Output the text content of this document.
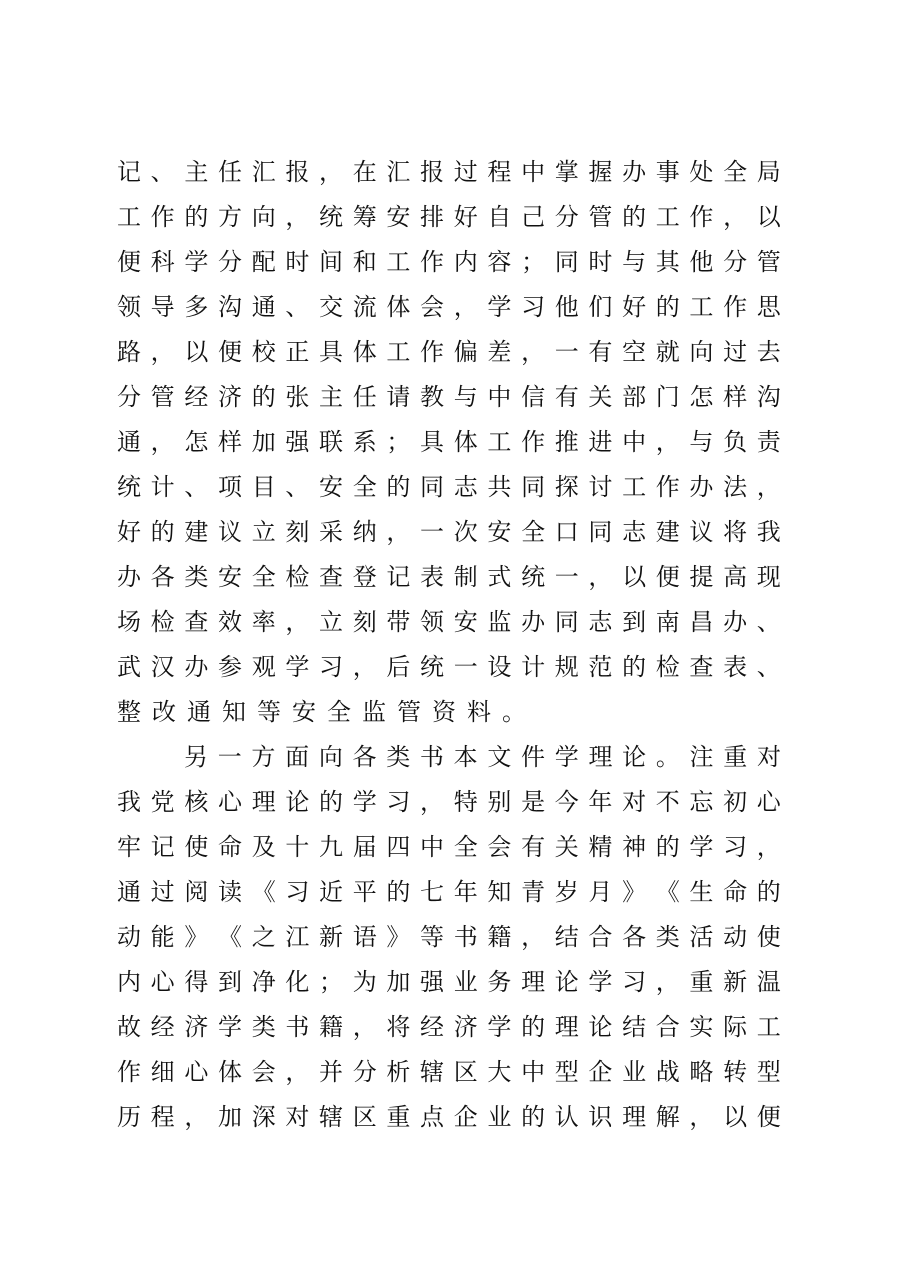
记 、 主 任 汇 报 ， 在 汇 报 过 程 中 掌 握 办 事 处 全 局
工 作 的 方 向 ， 统 筹 安 排 好 自 己 分 管 的 工 作 ， 以
便 科 学 分 配 时 间 和 工 作 内 容 ； 同 时 与 其 他 分 管
领 导 多 沟 通 、 交 流 体 会 ， 学 习 他 们 好 的 工 作 思
路 ， 以 便 校 正 具 体 工 作 偏 差 ， 一 有 空 就 向 过 去
分 管 经 济 的 张 主 任 请 教 与 中 信 有 关 部 门 怎 样 沟
通 ， 怎 样 加 强 联 系 ； 具 体 工 作 推 进 中 ， 与 负 责
统 计 、 项 目 、 安 全 的 同 志 共 同 探 讨 工 作 办 法 ，
好 的 建 议 立 刻 采 纳 ， 一 次 安 全 口 同 志 建 议 将 我
办 各 类 安 全 检 查 登 记 表 制 式 统 一 ， 以 便 提 高 现
场 检 查 效 率 ， 立 刻 带 领 安 监 办 同 志 到 南 昌 办 、
武 汉 办 参 观 学 习 ， 后 统 一 设 计 规 范 的 检 查 表 、
整 改 通 知 等 安 全 监 管 资 料 。
另 一 方 面 向 各 类 书 本 文 件 学 理 论 。 注 重 对
我 党 核 心 理 论 的 学 习 ， 特 别 是 今 年 对 不 忘 初 心
牢 记 使 命 及 十 九 届 四 中 全 会 有 关 精 神 的 学 习 ，
通 过 阅 读 《 习 近 平 的 七 年 知 青 岁 月 》 《 生 命 的
动 能 》 《 之 江 新 语 》 等 书 籍 ， 结 合 各 类 活 动 使
内 心 得 到 净 化 ； 为 加 强 业 务 理 论 学 习 ， 重 新 温
故 经 济 学 类 书 籍 ， 将 经 济 学 的 理 论 结 合 实 际 工
作 细 心 体 会 ， 并 分 析 辖 区 大 中 型 企 业 战 略 转 型
历 程 ， 加 深 对 辖 区 重 点 企 业 的 认 识 理 解 ， 以 便
